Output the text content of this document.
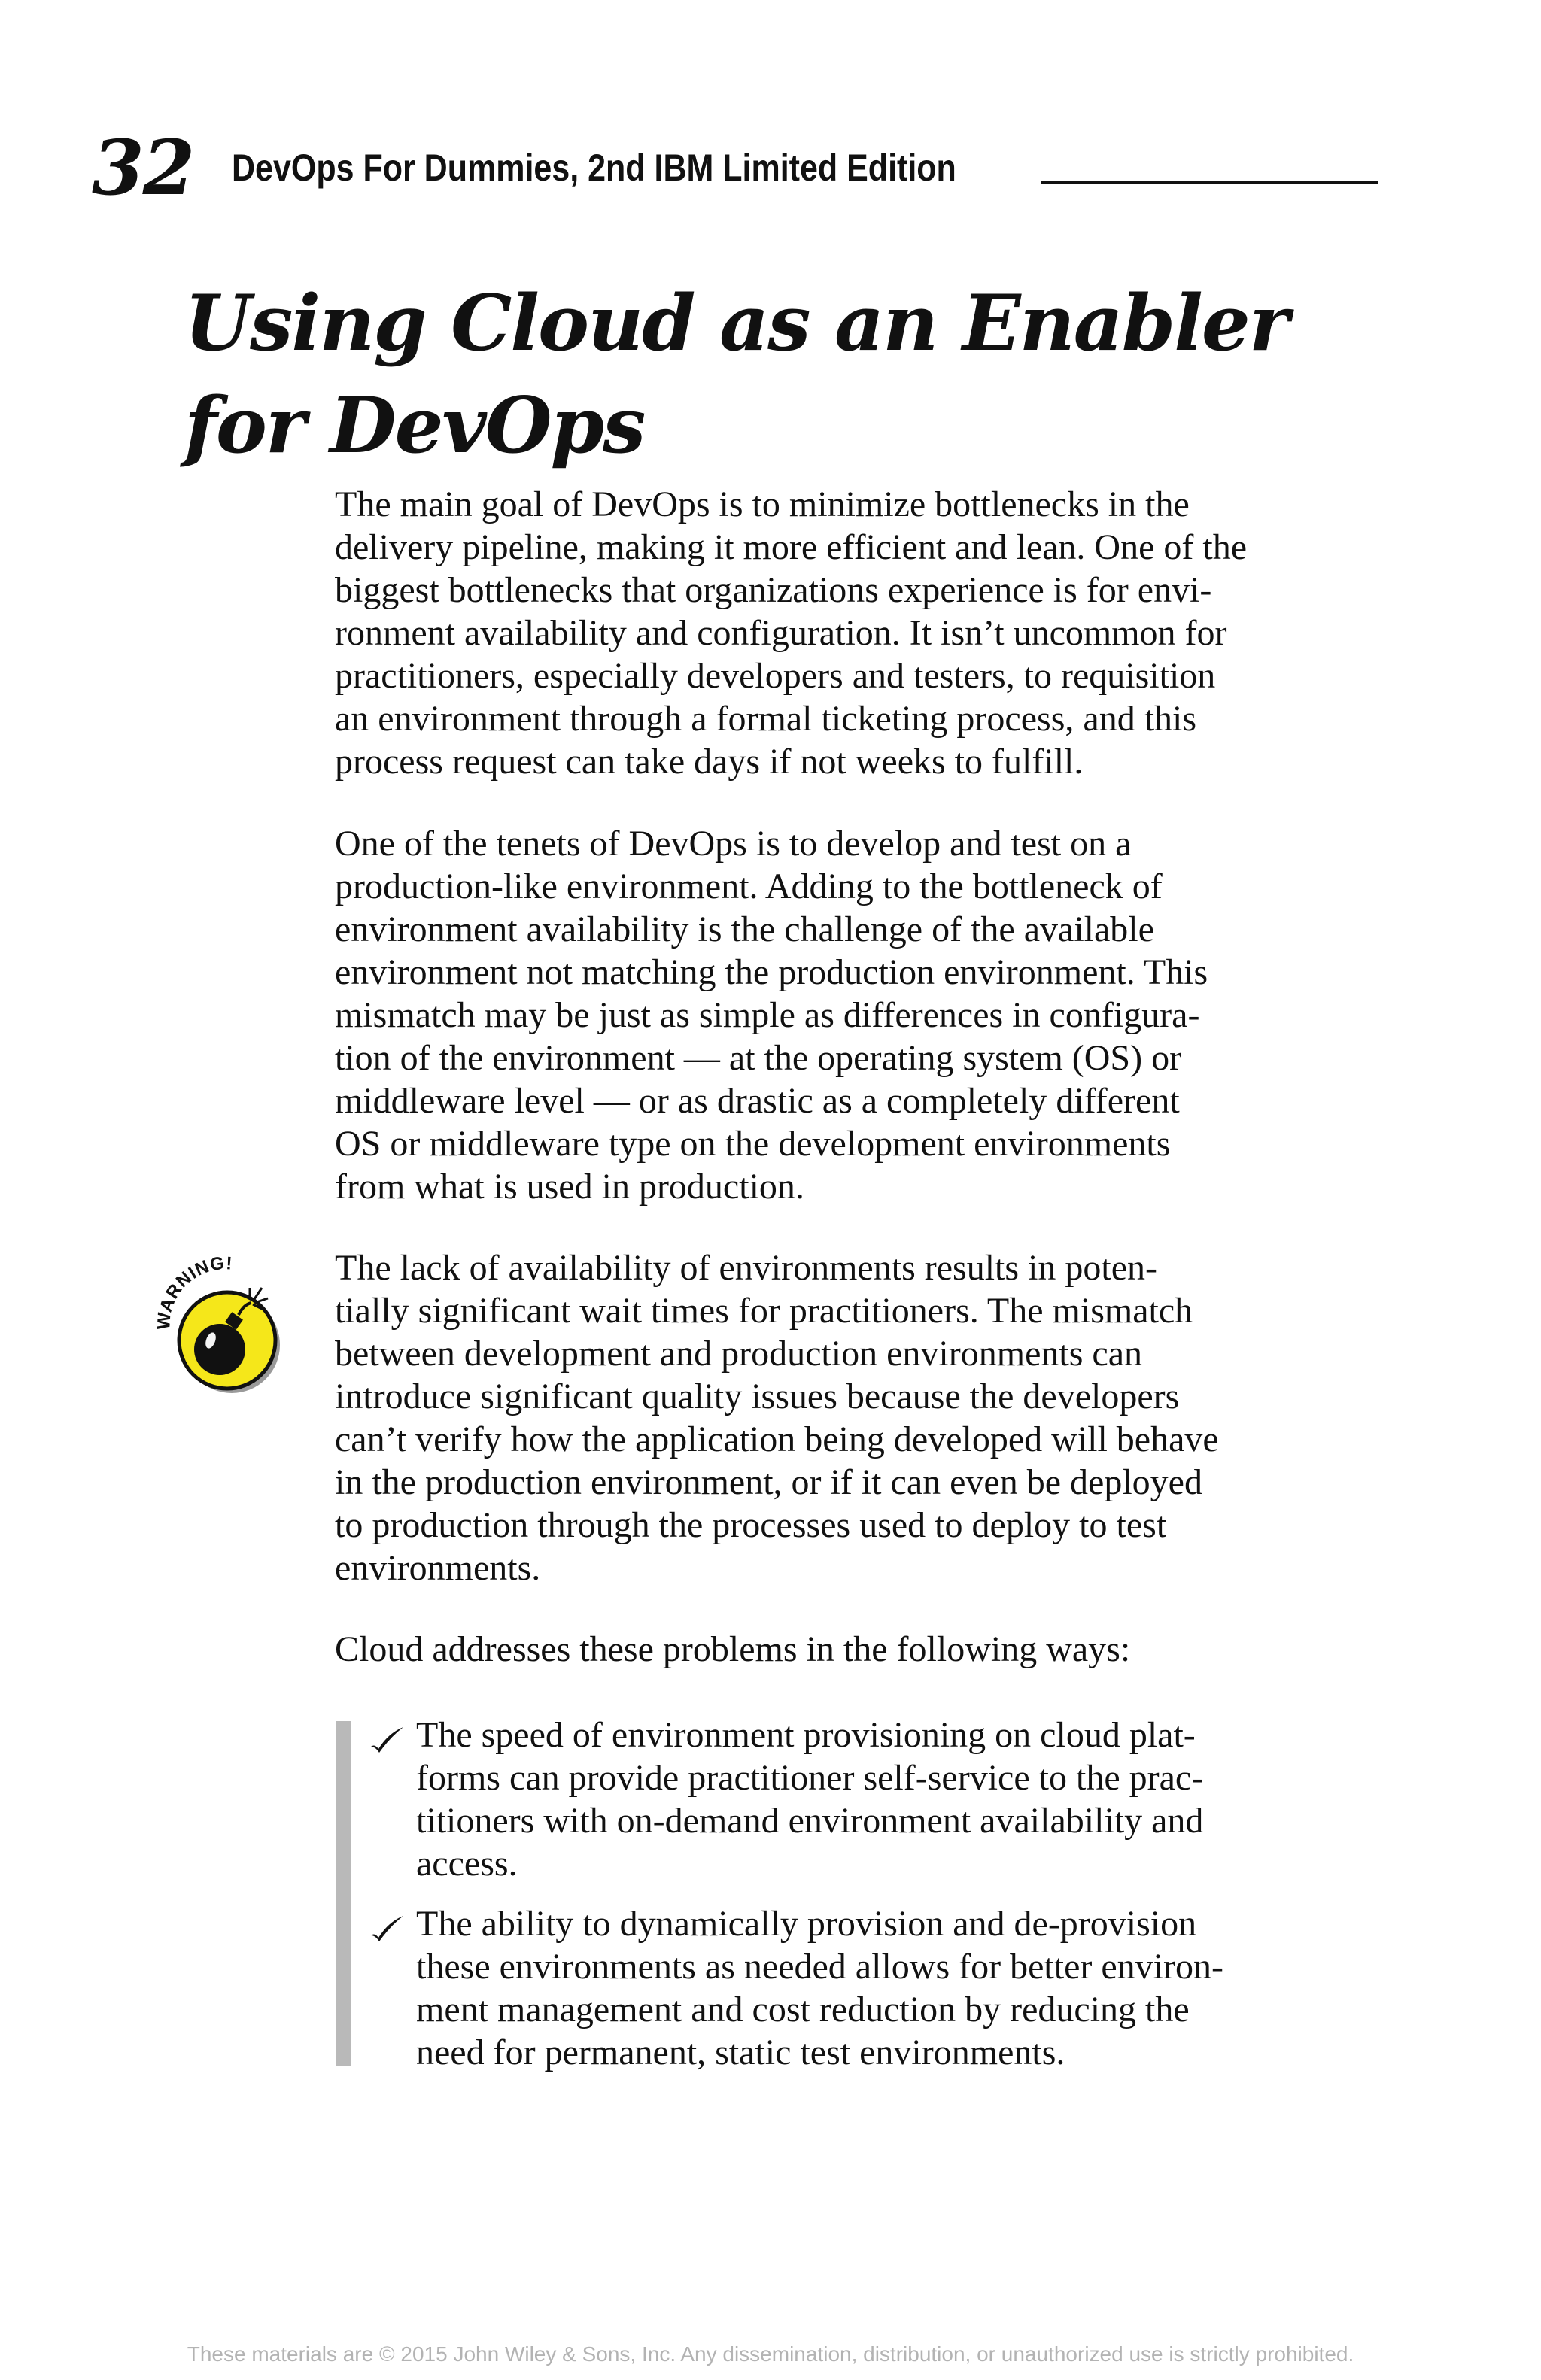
32 DevOps For Dummies, 2nd IBM Limited Edition
Using Cloud as an Enabler
for DevOps

The main goal of DevOps is to minimize bottlenecks in the
delivery pipeline, making it more efficient and lean. One of the
biggest bottlenecks that organizations experience is for envi-
ronment availability and configuration. It isn’t uncommon for
practitioners, especially developers and testers, to requisition
an environment through a formal ticketing process, and this
process request can take days if not weeks to fulfill.

One of the tenets of DevOps is to develop and test on a
production-like environment. Adding to the bottleneck of
environment availability is the challenge of the available
environment not matching the production environment. This
mismatch may be just as simple as differences in configura-
tion of the environment — at the operating system (OS) or
middleware level — or as drastic as a completely different
OS or middleware type on the development environments
from what is used in production.

WARNING!	The lack of availability of environments results in poten-
tially significant wait times for practitioners. The mismatch
between development and production environments can
introduce significant quality issues because the developers
can’t verify how the application being developed will behave
in the production environment, or if it can even be deployed
to production through the processes used to deploy to test
environments.

Cloud addresses these problems in the following ways:

The speed of environment provisioning on cloud plat-
forms can provide practitioner self-service to the prac-
titioners with on-demand environment availability and
access.
The ability to dynamically provision and de-provision
these environments as needed allows for better environ-
ment management and cost reduction by reducing the
need for permanent, static test environments.
These materials are © 2015 John Wiley & Sons, Inc. Any dissemination, distribution, or unauthorized use is strictly prohibited.
